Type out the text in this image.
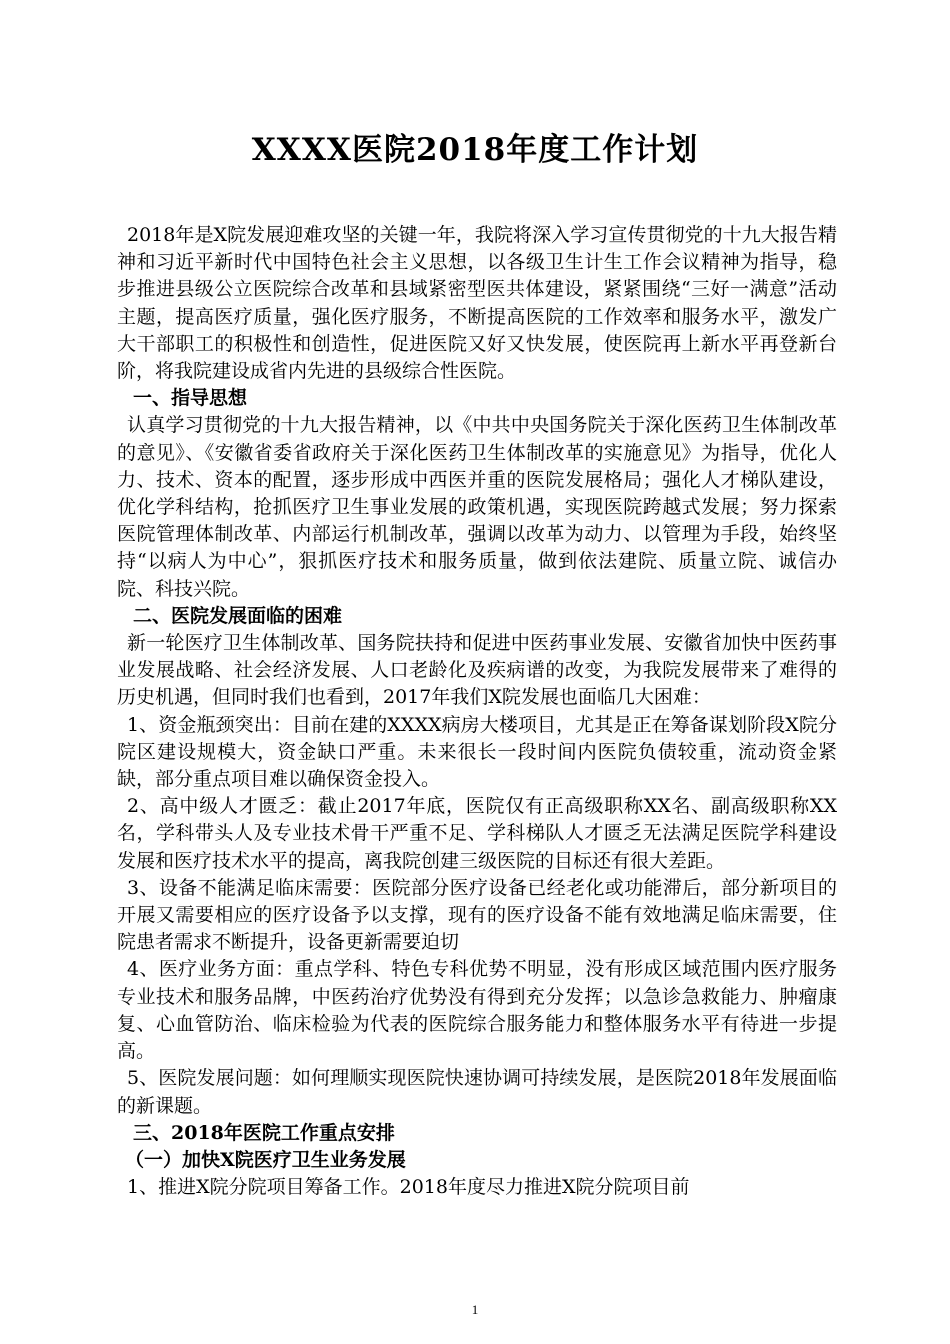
XXXX医院2018年度工作计划

2018年是X院发展迎难攻坚的关键一年，我院将深入学习宣传贯彻党的十九大报告精神和习近平新时代中国特色社会主义思想，以各级卫生计生工作会议精神为指导，稳步推进县级公立医院综合改革和县域紧密型医共体建设，紧紧围绕“三好一满意”活动主题，提高医疗质量，强化医疗服务，不断提高医院的工作效率和服务水平，激发广大干部职工的积极性和创造性，促进医院又好又快发展，使医院再上新水平再登新台阶，将我院建设成省内先进的县级综合性医院。

一、指导思想

认真学习贯彻党的十九大报告精神，以《中共中央国务院关于深化医药卫生体制改革的意见》、《安徽省委省政府关于深化医药卫生体制改革的实施意见》为指导，优化人力、技术、资本的配置，逐步形成中西医并重的医院发展格局；强化人才梯队建设，优化学科结构，抢抓医疗卫生事业发展的政策机遇，实现医院跨越式发展；努力探索医院管理体制改革、内部运行机制改革，强调以改革为动力、以管理为手段，始终坚持“以病人为中心”，狠抓医疗技术和服务质量，做到依法建院、质量立院、诚信办院、科技兴院。

二、医院发展面临的困难

新一轮医疗卫生体制改革、国务院扶持和促进中医药事业发展、安徽省加快中医药事业发展战略、社会经济发展、人口老龄化及疾病谱的改变，为我院发展带来了难得的历史机遇，但同时我们也看到，2017年我们X院发展也面临几大困难：

1、资金瓶颈突出：目前在建的XXXX病房大楼项目，尤其是正在筹备谋划阶段X院分院区建设规模大，资金缺口严重。未来很长一段时间内医院负债较重，流动资金紧缺，部分重点项目难以确保资金投入。

2、高中级人才匮乏：截止2017年底，医院仅有正高级职称XX名、副高级职称XX名，学科带头人及专业技术骨干严重不足、学科梯队人才匮乏无法满足医院学科建设发展和医疗技术水平的提高，离我院创建三级医院的目标还有很大差距。

3、设备不能满足临床需要：医院部分医疗设备已经老化或功能滞后，部分新项目的开展又需要相应的医疗设备予以支撑，现有的医疗设备不能有效地满足临床需要，住院患者需求不断提升，设备更新需要迫切

4、医疗业务方面：重点学科、特色专科优势不明显，没有形成区域范围内医疗服务专业技术和服务品牌，中医药治疗优势没有得到充分发挥；以急诊急救能力、肿瘤康复、心血管防治、临床检验为代表的医院综合服务能力和整体服务水平有待进一步提高。

5、医院发展问题：如何理顺实现医院快速协调可持续发展，是医院2018年发展面临的新课题。

三、2018年医院工作重点安排

（一）加快X院医疗卫生业务发展

1、推进X院分院项目筹备工作。2018年度尽力推进X院分院项目前

1
